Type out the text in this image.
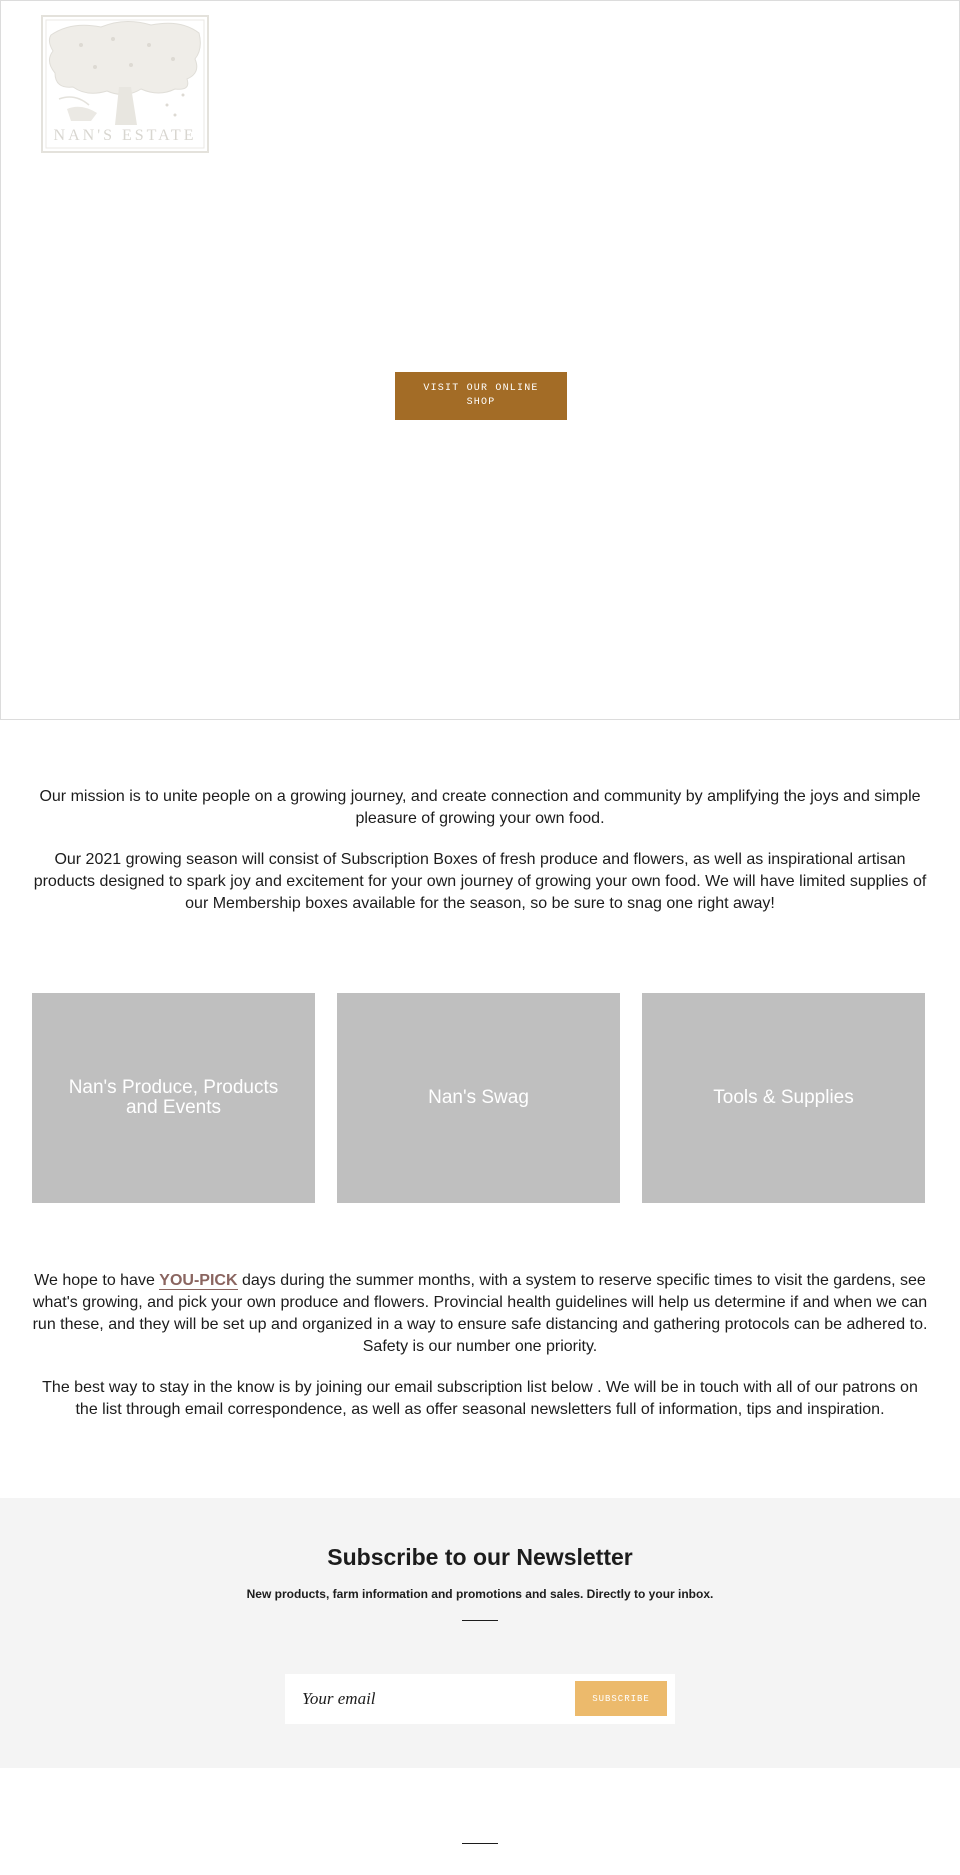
NAN'S ESTATE
VISIT OUR ONLINE SHOP

Our mission is to unite people on a growing journey, and create connection and community by amplifying the joys and simple pleasure of growing your own food.

Our 2021 growing season will consist of Subscription Boxes of fresh produce and flowers, as well as inspirational artisan products designed to spark joy and excitement for your own journey of growing your own food. We will have limited supplies of our Membership boxes available for the season, so be sure to snag one right away!

Nan's Produce, Products and Events	Nan's Swag	Tools & Supplies

We hope to have YOU-PICK days during the summer months, with a system to reserve specific times to visit the gardens, see what's growing, and pick your own produce and flowers. Provincial health guidelines will help us determine if and when we can run these, and they will be set up and organized in a way to ensure safe distancing and gathering protocols can be adhered to. Safety is our number one priority.

The best way to stay in the know is by joining our email subscription list below . We will be in touch with all of our patrons on the list through email correspondence, as well as offer seasonal newsletters full of information, tips and inspiration.

Subscribe to our Newsletter

New products, farm information and promotions and sales. Directly to your inbox.

Your email
SUBSCRIBE
